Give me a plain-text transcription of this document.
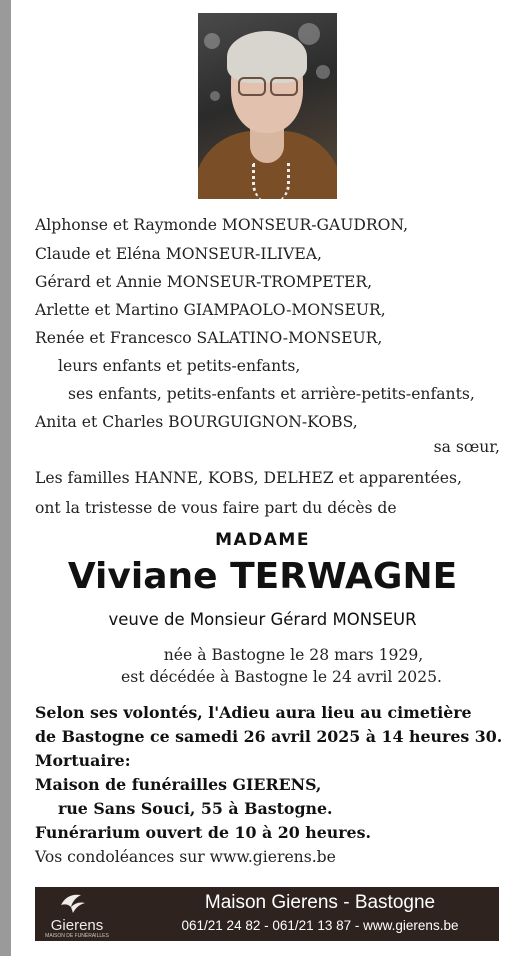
Alphonse et Raymonde MONSEUR-GAUDRON,
Claude et Eléna MONSEUR-ILIVEA,
Gérard et Annie MONSEUR-TROMPETER,
Arlette et Martino GIAMPAOLO-MONSEUR,
Renée et Francesco SALATINO-MONSEUR,
leurs enfants et petits-enfants,
ses enfants, petits-enfants et arrière-petits-enfants,
Anita et Charles BOURGUIGNON-KOBS,
sa sœur,
Les familles HANNE, KOBS, DELHEZ et apparentées,
ont la tristesse de vous faire part du décès de
MADAME
Viviane TERWAGNE
veuve de Monsieur Gérard MONSEUR
née à Bastogne le 28 mars 1929,
est décédée à Bastogne le 24 avril 2025.
Selon ses volontés, l'Adieu aura lieu au cimetière
de Bastogne ce samedi 26 avril 2025 à 14 heures 30.
Mortuaire:
Maison de funérailles GIERENS,
rue Sans Souci, 55 à Bastogne.
Funérarium ouvert de 10 à 20 heures.
Vos condoléances sur www.gierens.be
Gierens
MAISON DE FUNÉRAILLES
Maison Gierens - Bastogne
061/21 24 82 - 061/21 13 87 - www.gierens.be
